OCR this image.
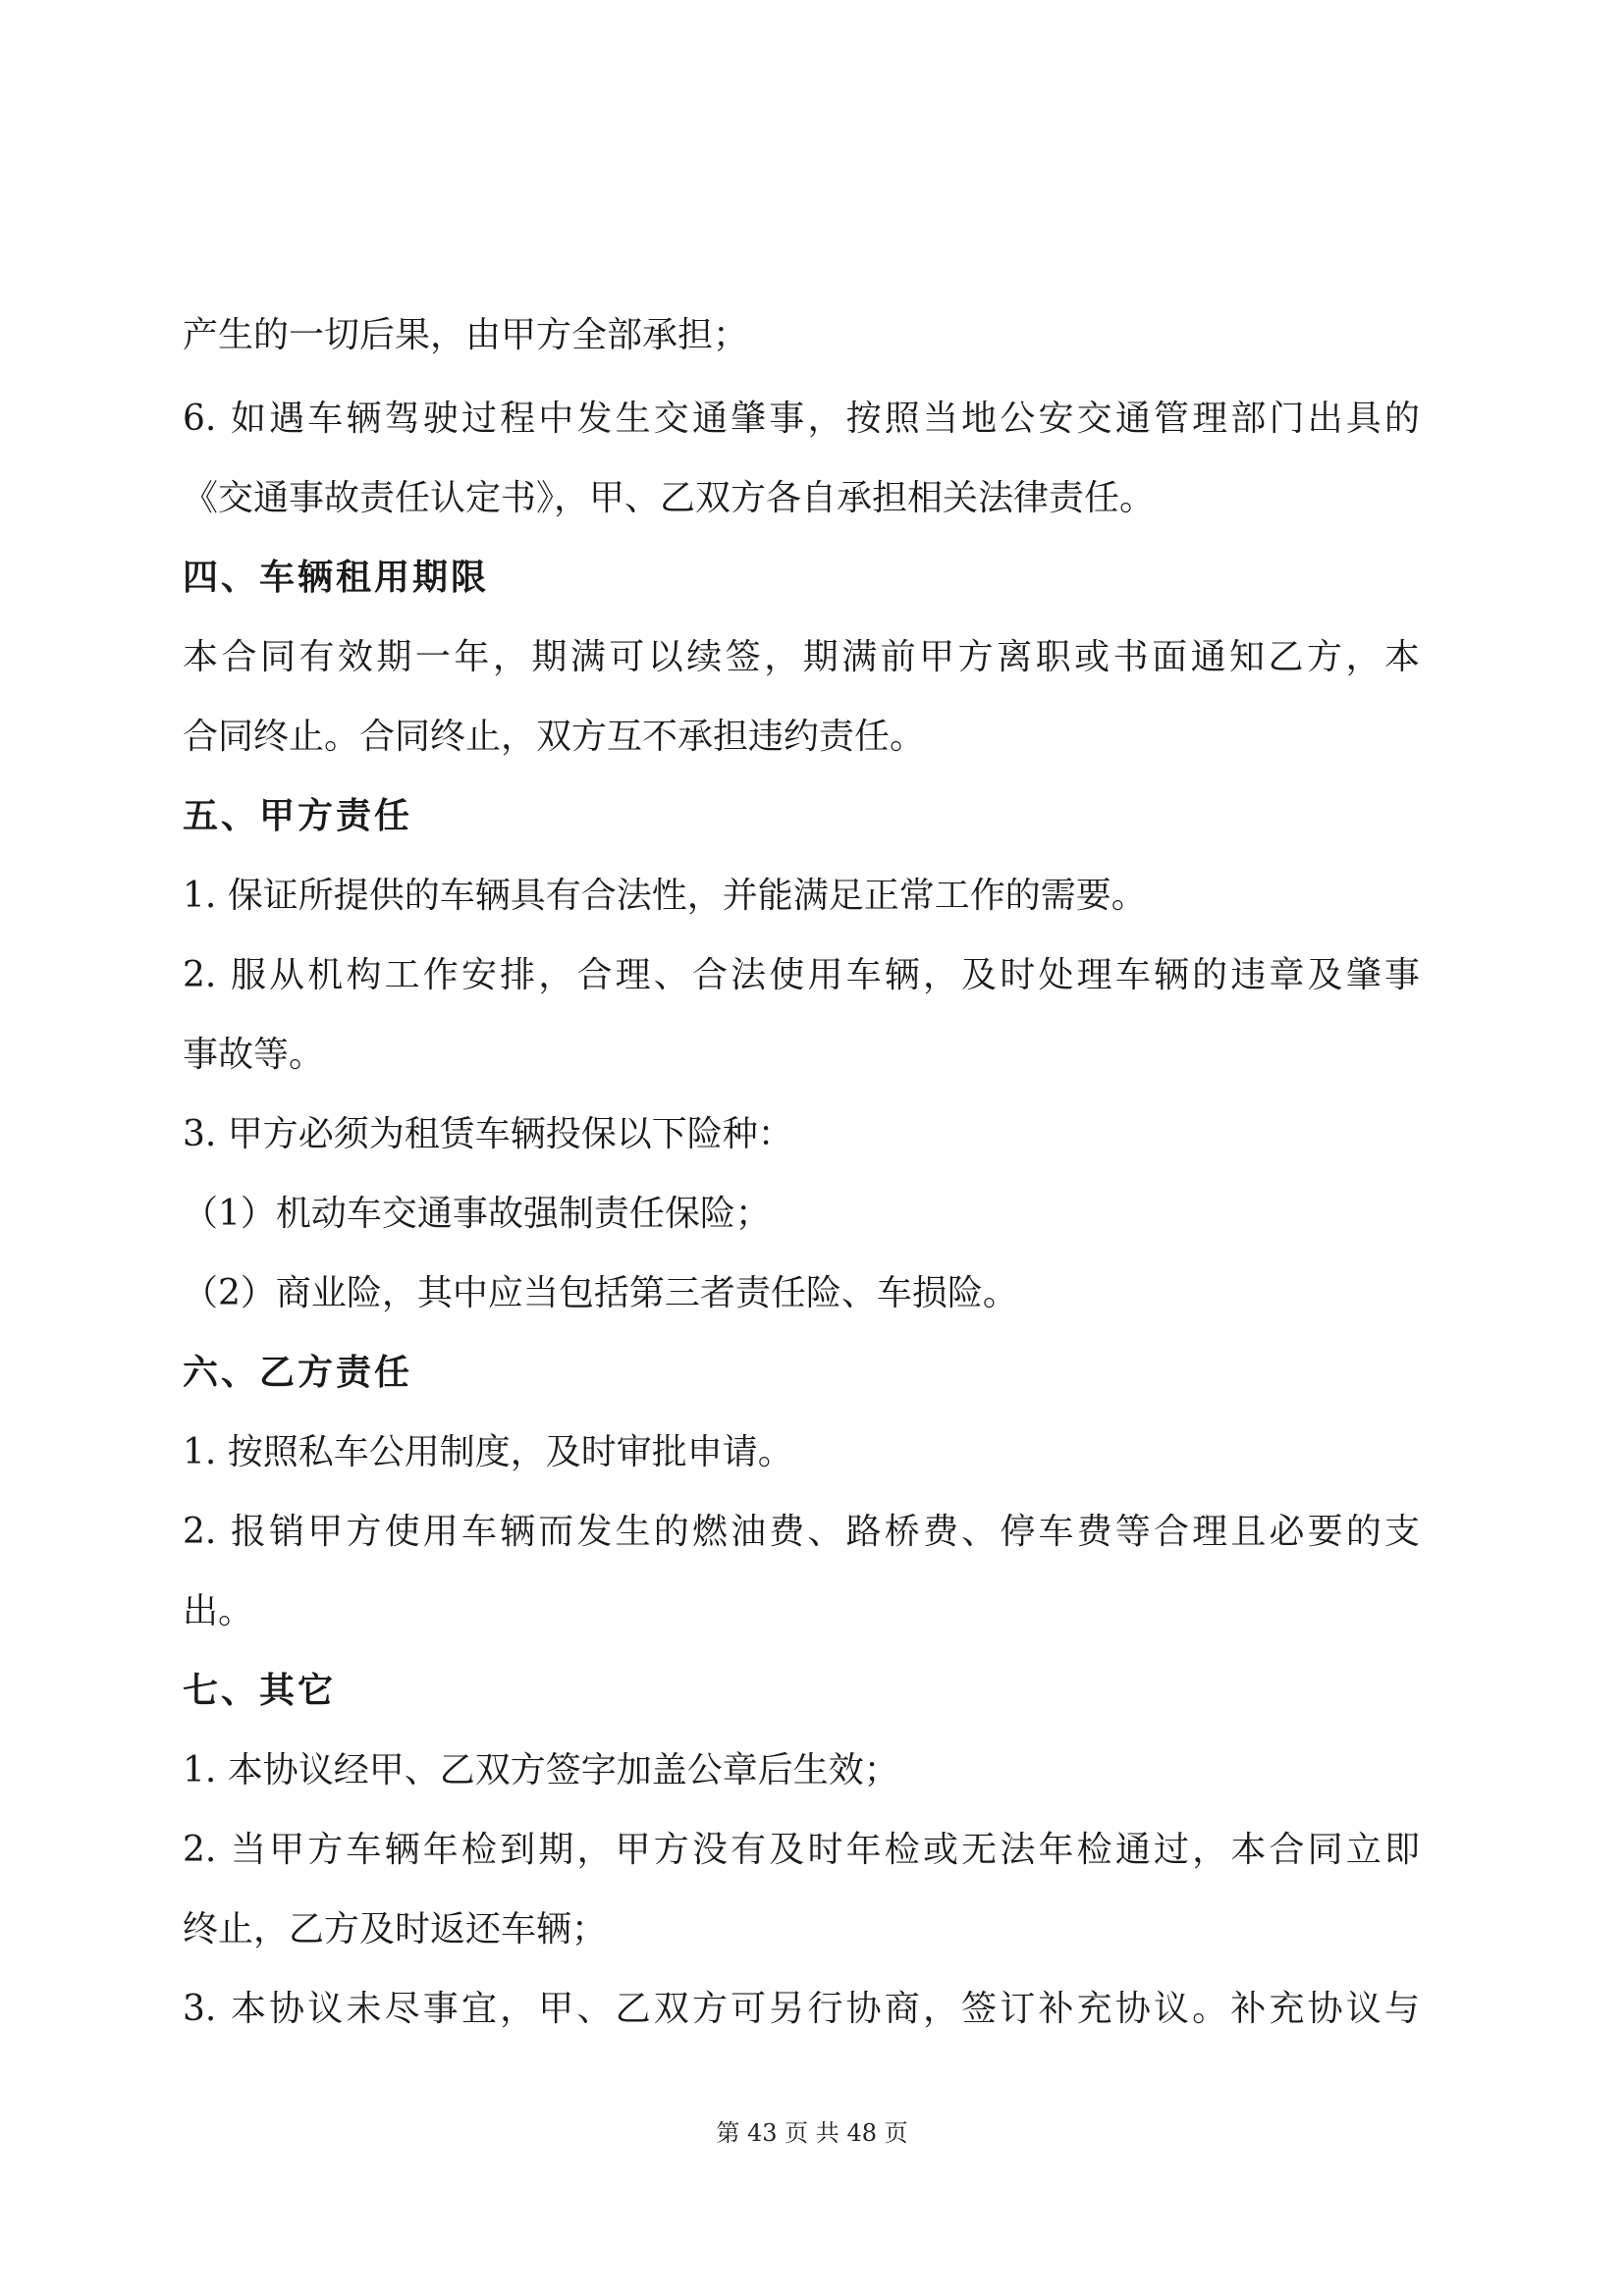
产生的一切后果，由甲方全部承担；

6. 如遇车辆驾驶过程中发生交通肇事，按照当地公安交通管理部门出具的

《交通事故责任认定书》，甲、乙双方各自承担相关法律责任。

四、车辆租用期限

本合同有效期一年，期满可以续签，期满前甲方离职或书面通知乙方，本

合同终止。合同终止，双方互不承担违约责任。

五、甲方责任

1. 保证所提供的车辆具有合法性，并能满足正常工作的需要。

2. 服从机构工作安排，合理、合法使用车辆，及时处理车辆的违章及肇事

事故等。

3. 甲方必须为租赁车辆投保以下险种：

（1）机动车交通事故强制责任保险；

（2）商业险，其中应当包括第三者责任险、车损险。

六、乙方责任

1. 按照私车公用制度，及时审批申请。

2. 报销甲方使用车辆而发生的燃油费、路桥费、停车费等合理且必要的支

出。

七、其它

1. 本协议经甲、乙双方签字加盖公章后生效；

2. 当甲方车辆年检到期，甲方没有及时年检或无法年检通过，本合同立即

终止，乙方及时返还车辆；

3. 本协议未尽事宜，甲、乙双方可另行协商，签订补充协议。补充协议与

第 43 页 共 48 页
